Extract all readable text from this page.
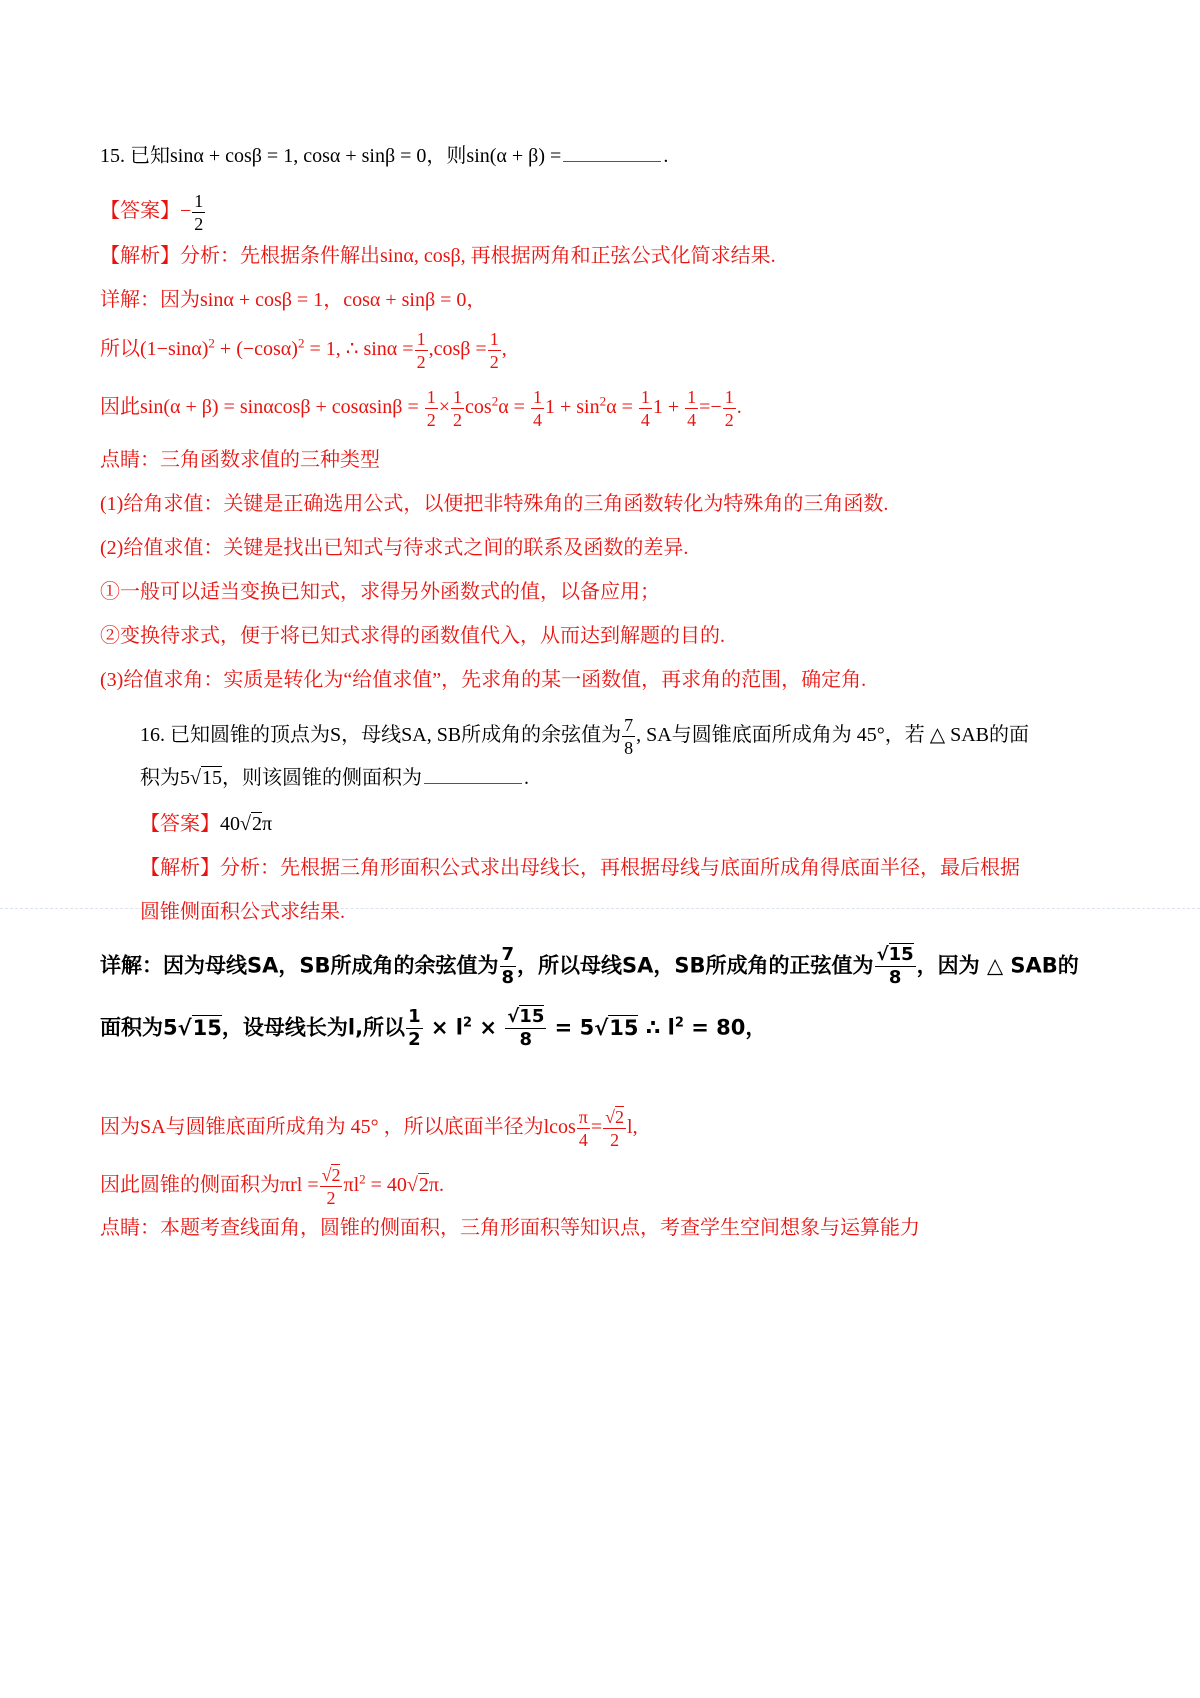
15. 已知sinα + cosβ = 1, cosα + sinβ = 0，则sin(α + β) =	.
【答案】− $\frac{1}{2}$
【解析】分析：先根据条件解出sinα, cosβ, 再根据两角和正弦公式化简求结果.
详解：因为sinα + cosβ = 1，cosα + sinβ = 0，
所以$(1-\sin\alpha)^2 + (-\cos\alpha)^2 = 1$, ∴ $\sin\alpha = \frac{1}{2} ,\cos\beta = \frac{1}{2}$ ,
因此$\sin(\alpha + \beta) = \sin\alpha\cos\beta + \cos\alpha\sin\beta = \frac{1}{2} \times \frac{1}{2} \cos^2\alpha = \frac{1}{4} 1 + \sin^2\alpha = \frac{1}{4} 1 + \frac{1}{4} =- \frac{1}{2}$ .
点睛：三角函数求值的三种类型
(1)给角求值：关键是正确选用公式，以便把非特殊角的三角函数转化为特殊角的三角函数.
(2)给值求值：关键是找出已知式与待求式之间的联系及函数的差异.
①一般可以适当变换已知式，求得另外函数式的值，以备应用；
②变换待求式，便于将已知式求得的函数值代入，从而达到解题的目的.
(3)给值求角：实质是转化为“给值求值”，先求角的某一函数值，再求角的范围，确定角.
16. 已知圆锥的顶点为S，母线SA, SB所成角的余弦值为 $\frac{7}{8}$ , SA与圆锥底面所成角为 45°，若 △ SAB的面
积为5√15，则该圆锥的侧面积为	.
【答案】40√2π
【解析】分析：先根据三角形面积公式求出母线长，再根据母线与底面所成角得底面半径，最后根据
圆锥侧面积公式求结果.
详解：因为母线SA，SB所成角的余弦值为 $\frac{7}{8}$ ，所以母线SA，SB所成角的正弦值为 $\frac{√15}{8}$ ，因为 △ SAB的
面积为5√15，设母线长为l,所以 $\frac{1}{2} \times l^2 \times \frac{√15}{8} = 5√15$ ∴ $l^2 = 80$，
因为SA与圆锥底面所成角为 45° ，所以底面半径为lcos $\frac{\pi}{4} = \frac{√2}{2} l$,
因此圆锥的侧面积为$\pi rl = \frac{√2}{2} \pi l^2 = 40√2\pi$.
点睛：本题考查线面角，圆锥的侧面积，三角形面积等知识点，考查学生空间想象与运算能力
